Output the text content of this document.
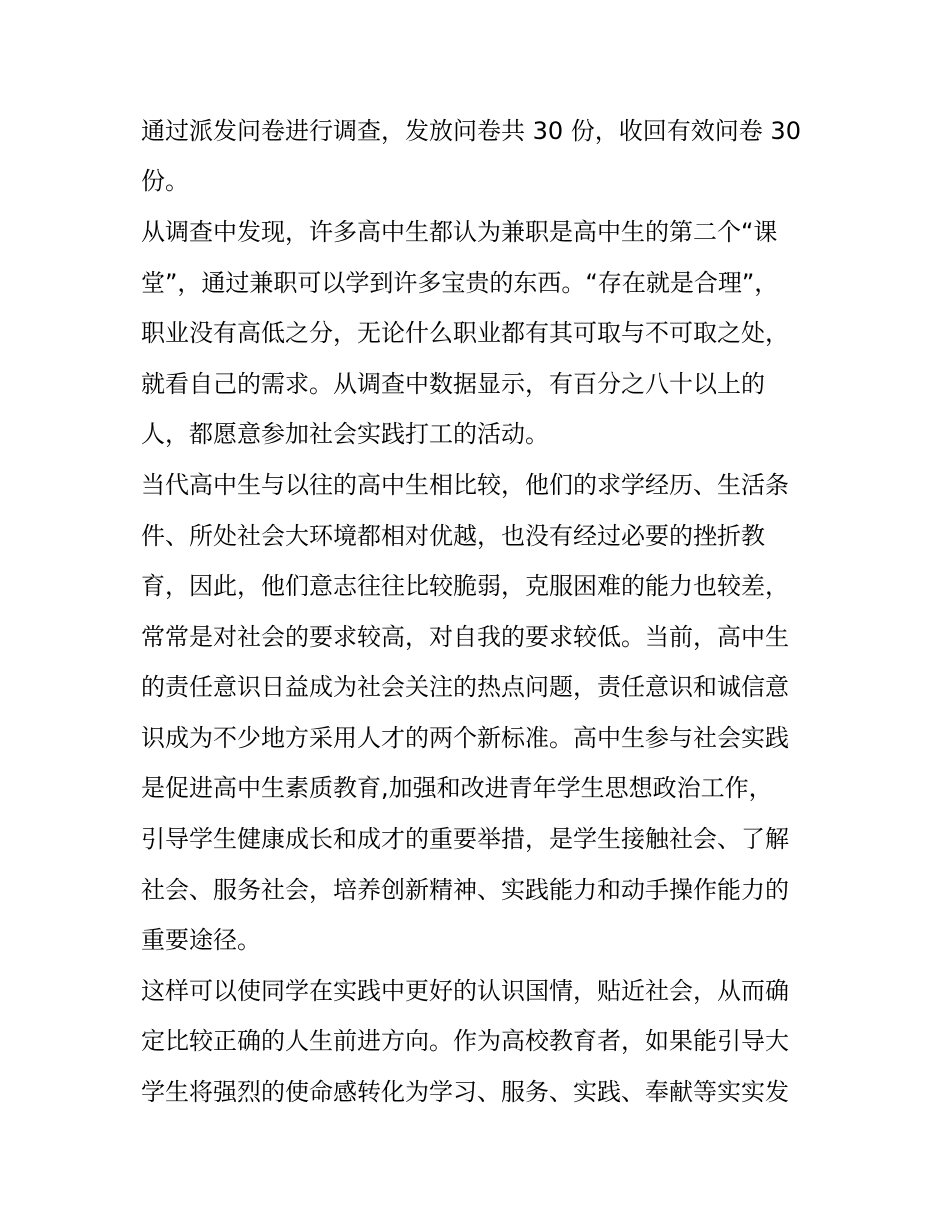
通过派发问卷进行调查，发放问卷共 30 份，收回有效问卷 30
份。
从调查中发现，许多高中生都认为兼职是高中生的第二个“课
堂”，通过兼职可以学到许多宝贵的东西。“存在就是合理”，
职业没有高低之分，无论什么职业都有其可取与不可取之处，
就看自己的需求。从调查中数据显示，有百分之八十以上的
人，都愿意参加社会实践打工的活动。
当代高中生与以往的高中生相比较，他们的求学经历、生活条
件、所处社会大环境都相对优越，也没有经过必要的挫折教
育，因此，他们意志往往比较脆弱，克服困难的能力也较差，
常常是对社会的要求较高，对自我的要求较低。当前，高中生
的责任意识日益成为社会关注的热点问题，责任意识和诚信意
识成为不少地方采用人才的两个新标准。高中生参与社会实践
是促进高中生素质教育,加强和改进青年学生思想政治工作，
引导学生健康成长和成才的重要举措，是学生接触社会、了解
社会、服务社会，培养创新精神、实践能力和动手操作能力的
重要途径。
这样可以使同学在实践中更好的认识国情，贴近社会，从而确
定比较正确的人生前进方向。作为高校教育者，如果能引导大
学生将强烈的使命感转化为学习、服务、实践、奉献等实实发
